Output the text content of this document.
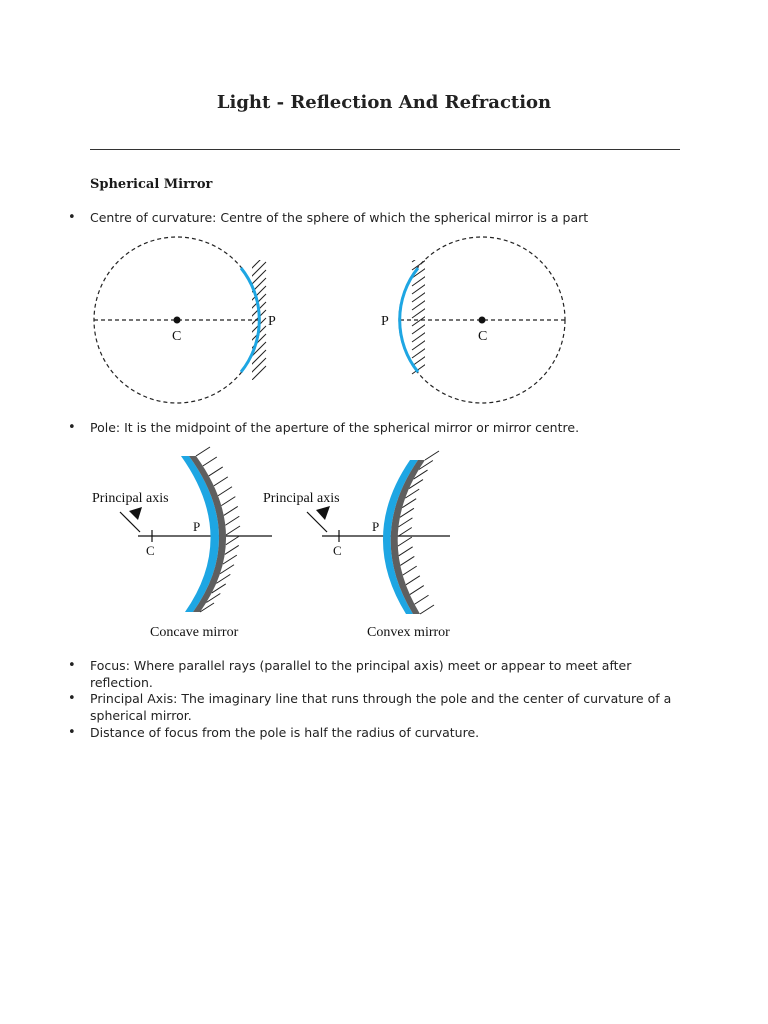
Light - Reflection And Refraction
Spherical Mirror
• Centre of curvature: Centre of the sphere of which the spherical mirror is a part
C
P
C
P
• Pole: It is the midpoint of the aperture of the spherical mirror or mirror centre.
Principal axis
P
C
Concave mirror
Principal axis
P
C
Convex mirror
• Focus: Where parallel rays (parallel to the principal axis) meet or appear to meet after reflection.
• Principal Axis: The imaginary line that runs through the pole and the center of curvature of a spherical mirror.
• Distance of focus from the pole is half the radius of curvature.
